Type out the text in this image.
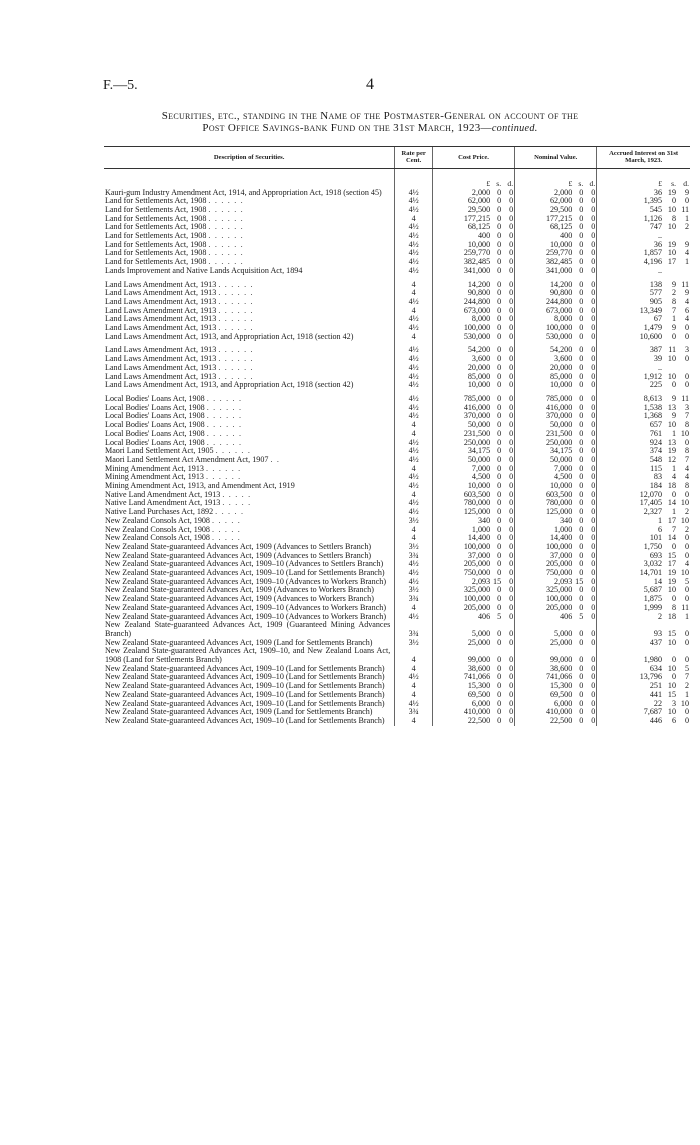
F.—5.	4
Securities, etc., standing in the Name of the Postmaster-General on account of the
Post Office Savings-bank Fund on the 31st March, 1923—continued.
Description of Securities.	Rate per Cent.	Cost Price.	Nominal Value.	Accrued Interest on 31st March, 1923.

		£ s. d.	£ s. d.	£ s. d.

Kauri-gum Industry Amendment Act, 1914, and Appropriation Act, 1918 (section 45)	4½	2,000 0 0	2,000 0 0	36 19 9

Land for Settlements Act, 1908 . . . . . .	4½	62,000 0 0	62,000 0 0	1,395 0 0

Land for Settlements Act, 1908 . . . . . .	4½	29,500 0 0	29,500 0 0	545 10 11

Land for Settlements Act, 1908 . . . . . .	4	177,215 0 0	177,215 0 0	1,126 8 1

Land for Settlements Act, 1908 . . . . . .	4½	68,125 0 0	68,125 0 0	747 10 2

Land for Settlements Act, 1908 . . . . . .	4½	400 0 0	400 0 0	..

Land for Settlements Act, 1908 . . . . . .	4½	10,000 0 0	10,000 0 0	36 19 9

Land for Settlements Act, 1908 . . . . . .	4½	259,770 0 0	259,770 0 0	1,857 10 4

Land for Settlements Act, 1908 . . . . . .	4½	382,485 0 0	382,485 0 0	4,196 17 1

Lands Improvement and Native Lands Acquisition Act, 1894	4½	341,000 0 0	341,000 0 0	..

Land Laws Amendment Act, 1913 . . . . . .	4	14,200 0 0	14,200 0 0	138 9 11

Land Laws Amendment Act, 1913 . . . . . .	4	90,800 0 0	90,800 0 0	577 2 9

Land Laws Amendment Act, 1913 . . . . . .	4½	244,800 0 0	244,800 0 0	905 8 4

Land Laws Amendment Act, 1913 . . . . . .	4	673,000 0 0	673,000 0 0	13,349 7 6

Land Laws Amendment Act, 1913 . . . . . .	4½	8,000 0 0	8,000 0 0	67 1 4

Land Laws Amendment Act, 1913 . . . . . .	4½	100,000 0 0	100,000 0 0	1,479 9 0

Land Laws Amendment Act, 1913, and Appropriation Act, 1918 (section 42)	4	530,000 0 0	530,000 0 0	10,600 0 0

Land Laws Amendment Act, 1913 . . . . . .	4½	54,200 0 0	54,200 0 0	387 11 3

Land Laws Amendment Act, 1913 . . . . . .	4½	3,600 0 0	3,600 0 0	39 10 0

Land Laws Amendment Act, 1913 . . . . . .	4½	20,000 0 0	20,000 0 0	..

Land Laws Amendment Act, 1913 . . . . . .	4½	85,000 0 0	85,000 0 0	1,912 10 0

Land Laws Amendment Act, 1913, and Appropriation Act, 1918 (section 42)	4½	10,000 0 0	10,000 0 0	225 0 0

Local Bodies' Loans Act, 1908 . . . . . .	4½	785,000 0 0	785,000 0 0	8,613 9 11

Local Bodies' Loans Act, 1908 . . . . . .	4½	416,000 0 0	416,000 0 0	1,538 13 3

Local Bodies' Loans Act, 1908 . . . . . .	4½	370,000 0 0	370,000 0 0	1,368 9 7

Local Bodies' Loans Act, 1908 . . . . . .	4	50,000 0 0	50,000 0 0	657 10 8

Local Bodies' Loans Act, 1908 . . . . . .	4	231,500 0 0	231,500 0 0	761 1 10

Local Bodies' Loans Act, 1908 . . . . . .	4½	250,000 0 0	250,000 0 0	924 13 0

Maori Land Settlement Act, 1905 . . . . . .	4½	34,175 0 0	34,175 0 0	374 19 8

Maori Land Settlement Act Amendment Act, 1907 . .	4½	50,000 0 0	50,000 0 0	548 12 7

Mining Amendment Act, 1913 . . . . . .	4	7,000 0 0	7,000 0 0	115 1 4

Mining Amendment Act, 1913 . . . . . .	4½	4,500 0 0	4,500 0 0	83 4 4

Mining Amendment Act, 1913, and Amendment Act, 1919	4½	10,000 0 0	10,000 0 0	184 18 8

Native Land Amendment Act, 1913 . . . . .	4	603,500 0 0	603,500 0 0	12,070 0 0

Native Land Amendment Act, 1913 . . . . .	4½	780,000 0 0	780,000 0 0	17,405 14 10

Native Land Purchases Act, 1892 . . . . .	4½	125,000 0 0	125,000 0 0	2,327 1 2

New Zealand Consols Act, 1908 . . . . .	3½	340 0 0	340 0 0	1 17 10

New Zealand Consols Act, 1908 . . . . .	4	1,000 0 0	1,000 0 0	6 7 2

New Zealand Consols Act, 1908 . . . . .	4	14,400 0 0	14,400 0 0	101 14 0

New Zealand State-guaranteed Advances Act, 1909 (Advances to Settlers Branch)	3½	100,000 0 0	100,000 0 0	1,750 0 0

New Zealand State-guaranteed Advances Act, 1909 (Advances to Settlers Branch)	3¾	37,000 0 0	37,000 0 0	693 15 0

New Zealand State-guaranteed Advances Act, 1909–10 (Advances to Settlers Branch)	4½	205,000 0 0	205,000 0 0	3,032 17 4

New Zealand State-guaranteed Advances Act, 1909–10 (Land for Settlements Branch)	4½	750,000 0 0	750,000 0 0	14,701 19 10

New Zealand State-guaranteed Advances Act, 1909–10 (Advances to Workers Branch)	4½	2,093 15 0	2,093 15 0	14 19 5

New Zealand State-guaranteed Advances Act, 1909 (Advances to Workers Branch)	3½	325,000 0 0	325,000 0 0	5,687 10 0

New Zealand State-guaranteed Advances Act, 1909 (Advances to Workers Branch)	3¾	100,000 0 0	100,000 0 0	1,875 0 0

New Zealand State-guaranteed Advances Act, 1909–10 (Advances to Workers Branch)	4	205,000 0 0	205,000 0 0	1,999 8 11

New Zealand State-guaranteed Advances Act, 1909–10 (Advances to Workers Branch)	4½	406 5 0	406 5 0	2 18 1

New Zealand State-guaranteed Advances Act, 1909 (Guaranteed Mining Advances Branch)	3¾	5,000 0 0	5,000 0 0	93 15 0

New Zealand State-guaranteed Advances Act, 1909 (Land for Settlements Branch)	3½	25,000 0 0	25,000 0 0	437 10 0

New Zealand State-guaranteed Advances Act, 1909–10, and New Zealand Loans Act, 1908 (Land for Settlements Branch)	4	99,000 0 0	99,000 0 0	1,980 0 0

New Zealand State-guaranteed Advances Act, 1909–10 (Land for Settlements Branch)	4	38,600 0 0	38,600 0 0	634 10 5

New Zealand State-guaranteed Advances Act, 1909–10 (Land for Settlements Branch)	4½	741,066 0 0	741,066 0 0	13,796 0 7

New Zealand State-guaranteed Advances Act, 1909–10 (Land for Settlements Branch)	4	15,300 0 0	15,300 0 0	251 10 2

New Zealand State-guaranteed Advances Act, 1909–10 (Land for Settlements Branch)	4	69,500 0 0	69,500 0 0	441 15 1

New Zealand State-guaranteed Advances Act, 1909–10 (Land for Settlements Branch)	4½	6,000 0 0	6,000 0 0	22 3 10

New Zealand State-guaranteed Advances Act, 1909 (Land for Settlements Branch)	3¾	410,000 0 0	410,000 0 0	7,687 10 0

New Zealand State-guaranteed Advances Act, 1909–10 (Land for Settlements Branch)	4	22,500 0 0	22,500 0 0	446 6 0
